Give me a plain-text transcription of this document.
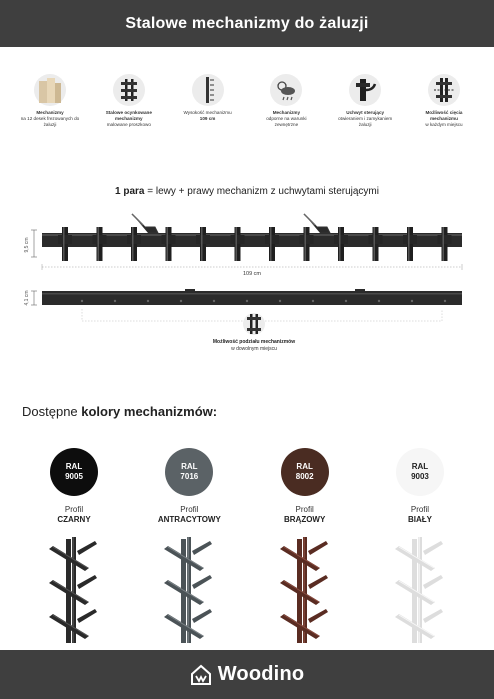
Stalowe mechanizmy do żaluzji
Mechanizmy
na 12 desek frezowanych do żaluzji
Stalowe ocynkowane mechanizmy
malowane proszkowo
Wysokość mechanizmu
109 cm
Mechanizmy
odporne na warunki zewnętrzne
Uchwyt sterujący
otwieraniem i zamykaniem żaluzji
Możliwość cięcia mechanizmu
w każdym miejscu
1 para = lewy + prawy mechanizm z uchwytami sterującymi
9,5 cm
109 cm
4,1 cm
Możliwość podziału mechanizmów
w dowolnym miejscu
Dostępne kolory mechanizmów:
RAL
9005
Profil
CZARNY
RAL
7016
Profil
ANTRACYTOWY
RAL
8002
Profil
BRĄZOWY
RAL
9003
Profil
BIAŁY
Woodino
